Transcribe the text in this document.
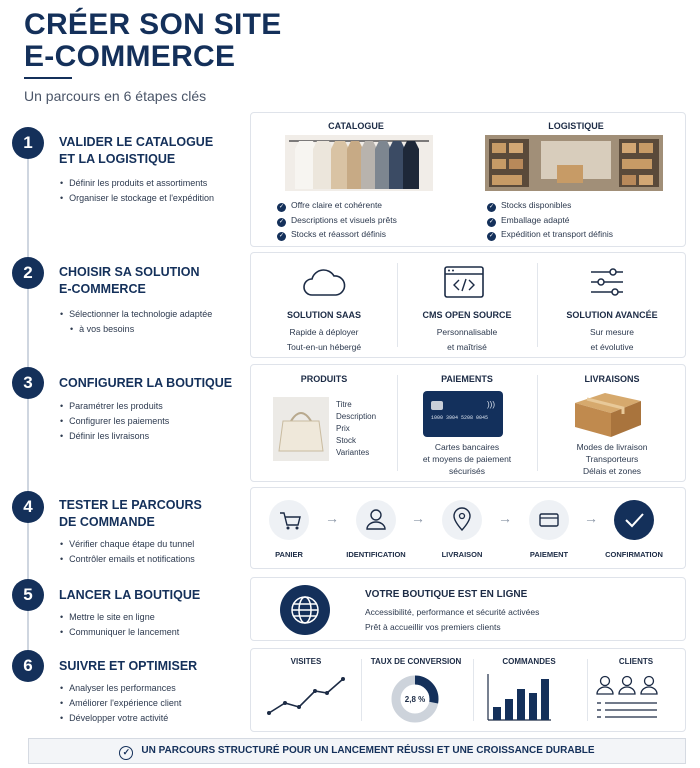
CRÉER SON SITE
E-COMMERCE
Un parcours en 6 étapes clés
1	VALIDER LE CATALOGUE
ET LA LOGISTIQUE
• Définir les produits et assortiments
• Organiser le stockage et l'expédition
CATALOGUE
✓ Offre claire et cohérente
✓ Descriptions et visuels prêts
✓ Stocks et réassort définis
LOGISTIQUE
✓ Stocks disponibles
✓ Emballage adapté
✓ Expédition et transport définis
2	CHOISIR SA SOLUTION
E-COMMERCE
• Sélectionner la technologie adaptée
• à vos besoins
SOLUTION SAAS
Rapide à déployer
Tout-en-un hébergé
CMS OPEN SOURCE
Personnalisable
et maîtrisé
SOLUTION AVANCÉE
Sur mesure
et évolutive
3	CONFIGURER LA BOUTIQUE
• Paramétrer les produits
• Configurer les paiements
• Définir les livraisons
PRODUITS
Titre
Description
Prix
Stock
Variantes
PAIEMENTS
1000 3904 5208 0045
)))
Cartes bancaires
et moyens de paiement
sécurisés
LIVRAISONS
Modes de livraison
Transporteurs
Délais et zones
4	TESTER LE PARCOURS
DE COMMANDE
• Vérifier chaque étape du tunnel
• Contrôler emails et notifications
→	→	→	→
PANIER	IDENTIFICATION	LIVRAISON	PAIEMENT	CONFIRMATION
5	LANCER LA BOUTIQUE
• Mettre le site en ligne
• Communiquer le lancement
VOTRE BOUTIQUE EST EN LIGNE
Accessibilité, performance et sécurité activées
Prêt à accueillir vos premiers clients
6	SUIVRE ET OPTIMISER
• Analyser les performances
• Améliorer l'expérience client
• Développer votre activité
VISITES	TAUX DE CONVERSION
2,8 %
COMMANDES	CLIENTS
✓ UN PARCOURS STRUCTURÉ POUR UN LANCEMENT RÉUSSI ET UNE CROISSANCE DURABLE
